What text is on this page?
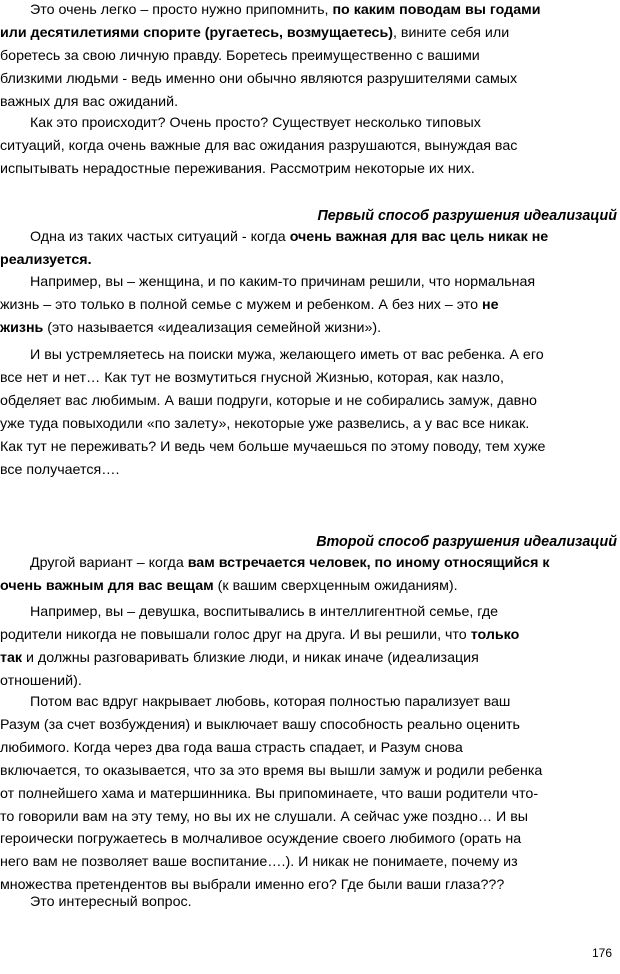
Это очень легко – просто нужно припомнить, по каким поводам вы годами
или десятилетиями спорите (ругаетесь, возмущаетесь), вините себя или
боретесь за свою личную правду. Боретесь преимущественно с вашими
близкими людьми - ведь именно они обычно являются разрушителями самых
важных для вас ожиданий.

Как это происходит? Очень просто? Существует несколько типовых
ситуаций, когда очень важные для вас ожидания разрушаются, вынуждая вас
испытывать нерадостные переживания. Рассмотрим некоторые их них.

Первый способ разрушения идеализаций

Одна из таких частых ситуаций - когда очень важная для вас цель никак не
реализуется.

Например, вы – женщина, и по каким-то причинам решили, что нормальная
жизнь – это только в полной семье с мужем и ребенком. А без них – это не
жизнь (это называется «идеализация семейной жизни»).

И вы устремляетесь на поиски мужа, желающего иметь от вас ребенка. А его
все нет и нет… Как тут не возмутиться гнусной Жизнью, которая, как назло,
обделяет вас любимым. А ваши подруги, которые и не собирались замуж, давно
уже туда повыходили «по залету», некоторые уже развелись, а у вас все никак.
Как тут не переживать? И ведь чем больше мучаешься по этому поводу, тем хуже
все получается….

Второй способ разрушения идеализаций

Другой вариант – когда вам встречается человек, по иному относящийся к
очень важным для вас вещам (к вашим сверхценным ожиданиям).

Например, вы – девушка, воспитывались в интеллигентной семье, где
родители никогда не повышали голос друг на друга. И вы решили, что только
так и должны разговаривать близкие люди, и никак иначе (идеализация
отношений).

Потом вас вдруг накрывает любовь, которая полностью парализует ваш
Разум (за счет возбуждения) и выключает вашу способность реально оценить
любимого. Когда через два года ваша страсть спадает, и Разум снова
включается, то оказывается, что за это время вы вышли замуж и родили ребенка
от полнейшего хама и матершинника. Вы припоминаете, что ваши родители что-
то говорили вам на эту тему, но вы их не слушали. А сейчас уже поздно… И вы
героически погружаетесь в молчаливое осуждение своего любимого (орать на
него вам не позволяет ваше воспитание….). И никак не понимаете, почему из
множества претендентов вы выбрали именно его? Где были ваши глаза???

Это интересный вопрос.

176
